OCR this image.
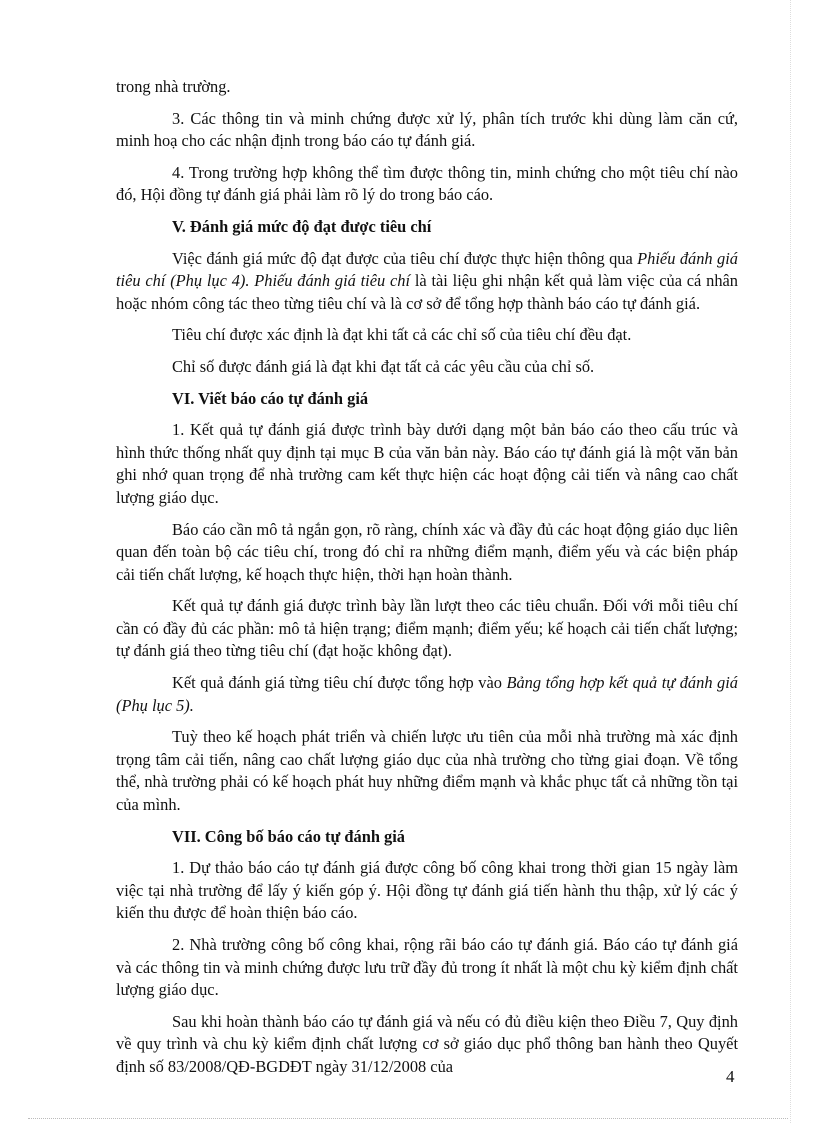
trong nhà trường.

3. Các thông tin và minh chứng được xử lý, phân tích trước khi dùng làm căn cứ, minh hoạ cho các nhận định trong báo cáo tự đánh giá.

4. Trong trường hợp không thể tìm được thông tin, minh chứng cho một tiêu chí nào đó, Hội đồng tự đánh giá phải làm rõ lý do trong báo cáo.

V. Đánh giá mức độ đạt được tiêu chí

Việc đánh giá mức độ đạt được của tiêu chí được thực hiện thông qua Phiếu đánh giá tiêu chí (Phụ lục 4). Phiếu đánh giá tiêu chí là tài liệu ghi nhận kết quả làm việc của cá nhân hoặc nhóm công tác theo từng tiêu chí và là cơ sở để tổng hợp thành báo cáo tự đánh giá.

Tiêu chí được xác định là đạt khi tất cả các chỉ số của tiêu chí đều đạt.

Chỉ số được đánh giá là đạt khi đạt tất cả các yêu cầu của chỉ số.

VI. Viết báo cáo tự đánh giá

1. Kết quả tự đánh giá được trình bày dưới dạng một bản báo cáo theo cấu trúc và hình thức thống nhất quy định tại mục B của văn bản này. Báo cáo tự đánh giá là một văn bản ghi nhớ quan trọng để nhà trường cam kết thực hiện các hoạt động cải tiến và nâng cao chất lượng giáo dục.

Báo cáo cần mô tả ngắn gọn, rõ ràng, chính xác và đầy đủ các hoạt động giáo dục liên quan đến toàn bộ các tiêu chí, trong đó chỉ ra những điểm mạnh, điểm yếu và các biện pháp cải tiến chất lượng, kế hoạch thực hiện, thời hạn hoàn thành.

Kết quả tự đánh giá được trình bày lần lượt theo các tiêu chuẩn. Đối với mỗi tiêu chí cần có đầy đủ các phần: mô tả hiện trạng; điểm mạnh; điểm yếu; kế hoạch cải tiến chất lượng; tự đánh giá theo từng tiêu chí (đạt hoặc không đạt).

Kết quả đánh giá từng tiêu chí được tổng hợp vào Bảng tổng hợp kết quả tự đánh giá (Phụ lục 5).

Tuỳ theo kế hoạch phát triển và chiến lược ưu tiên của mỗi nhà trường mà xác định trọng tâm cải tiến, nâng cao chất lượng giáo dục của nhà trường cho từng giai đoạn. Về tổng thể, nhà trường phải có kế hoạch phát huy những điểm mạnh và khắc phục tất cả những tồn tại của mình.

VII. Công bố báo cáo tự đánh giá

1. Dự thảo báo cáo tự đánh giá được công bố công khai trong thời gian 15 ngày làm việc tại nhà trường để lấy ý kiến góp ý. Hội đồng tự đánh giá tiến hành thu thập, xử lý các ý kiến thu được để hoàn thiện báo cáo.

2. Nhà trường công bố công khai, rộng rãi báo cáo tự đánh giá. Báo cáo tự đánh giá và các thông tin và minh chứng được lưu trữ đầy đủ trong ít nhất là một chu kỳ kiểm định chất lượng giáo dục.

Sau khi hoàn thành báo cáo tự đánh giá và nếu có đủ điều kiện theo Điều 7, Quy định về quy trình và chu kỳ kiểm định chất lượng cơ sở giáo dục phổ thông ban hành theo Quyết định số 83/2008/QĐ-BGDĐT ngày 31/12/2008 của

4
